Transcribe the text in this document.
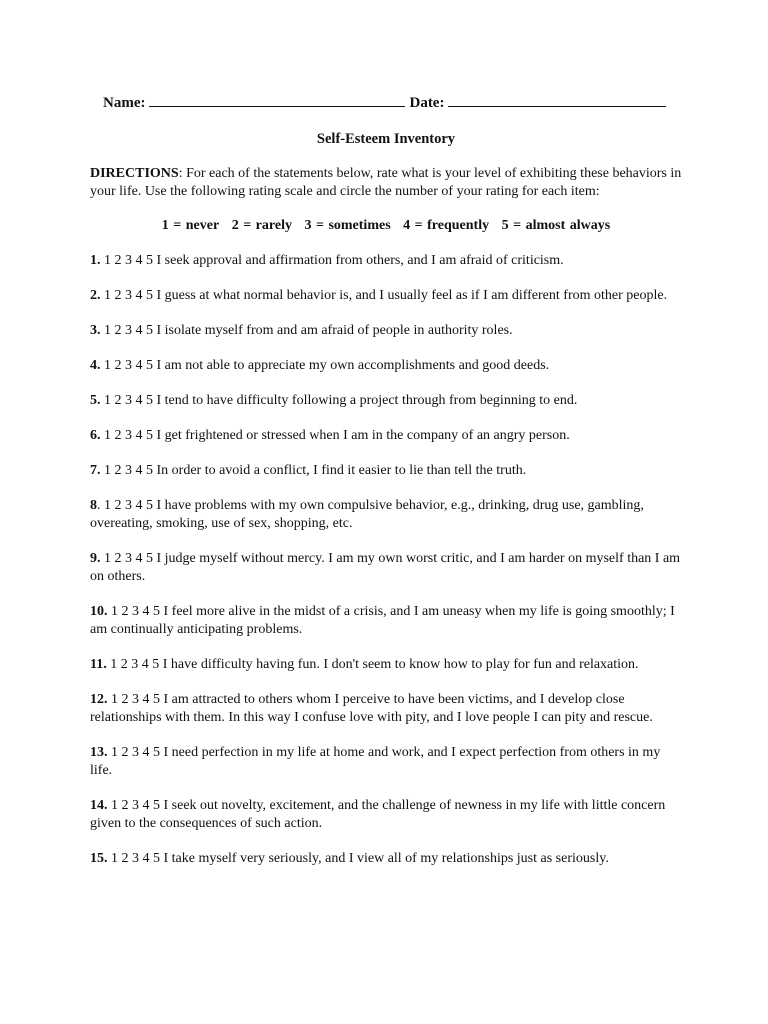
Name:	Date:
Self-Esteem Inventory
DIRECTIONS: For each of the statements below, rate what is your level of exhibiting these behaviors in your life. Use the following rating scale and circle the number of your rating for each item:
1 = never 2 = rarely 3 = sometimes 4 = frequently 5 = almost always
1. 1 2 3 4 5 I seek approval and affirmation from others, and I am afraid of criticism.
2. 1 2 3 4 5 I guess at what normal behavior is, and I usually feel as if I am different from other people.
3. 1 2 3 4 5 I isolate myself from and am afraid of people in authority roles.
4. 1 2 3 4 5 I am not able to appreciate my own accomplishments and good deeds.
5. 1 2 3 4 5 I tend to have difficulty following a project through from beginning to end.
6. 1 2 3 4 5 I get frightened or stressed when I am in the company of an angry person.
7. 1 2 3 4 5 In order to avoid a conflict, I find it easier to lie than tell the truth.
8. 1 2 3 4 5 I have problems with my own compulsive behavior, e.g., drinking, drug use, gambling, overeating, smoking, use of sex, shopping, etc.
9. 1 2 3 4 5 I judge myself without mercy. I am my own worst critic, and I am harder on myself than I am on others.
10. 1 2 3 4 5 I feel more alive in the midst of a crisis, and I am uneasy when my life is going smoothly; I am continually anticipating problems.
11. 1 2 3 4 5 I have difficulty having fun. I don't seem to know how to play for fun and relaxation.
12. 1 2 3 4 5 I am attracted to others whom I perceive to have been victims, and I develop close relationships with them. In this way I confuse love with pity, and I love people I can pity and rescue.
13. 1 2 3 4 5 I need perfection in my life at home and work, and I expect perfection from others in my life.
14. 1 2 3 4 5 I seek out novelty, excitement, and the challenge of newness in my life with little concern given to the consequences of such action.
15. 1 2 3 4 5 I take myself very seriously, and I view all of my relationships just as seriously.
